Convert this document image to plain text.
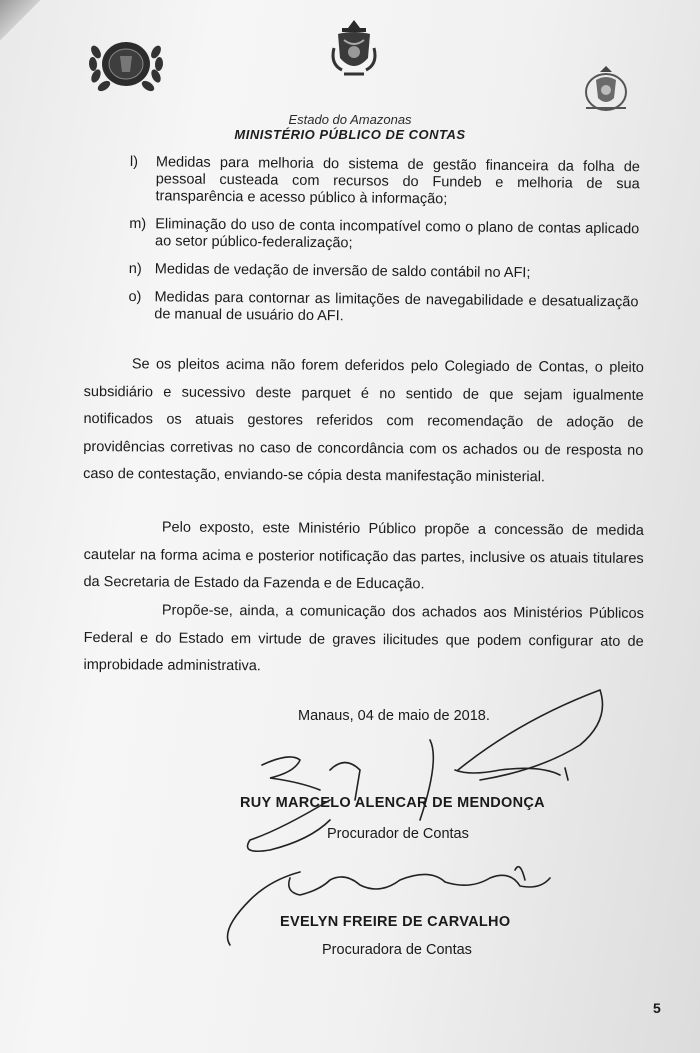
Estado do Amazonas
MINISTÉRIO PÚBLICO DE CONTAS
l)	Medidas para melhoria do sistema de gestão financeira da folha de pessoal custeada com recursos do Fundeb e melhoria de sua transparência e acesso público à informação;
m) Eliminação do uso de conta incompatível como o plano de contas aplicado ao setor público-federalização;
n) Medidas de vedação de inversão de saldo contábil no AFI;
o) Medidas para contornar as limitações de navegabilidade e desatualização de manual de usuário do AFI.
Se os pleitos acima não forem deferidos pelo Colegiado de Contas, o pleito subsidiário e sucessivo deste parquet é no sentido de que sejam igualmente notificados os atuais gestores referidos com recomendação de adoção de providências corretivas no caso de concordância com os achados ou de resposta no caso de contestação, enviando-se cópia desta manifestação ministerial.
Pelo exposto, este Ministério Público propõe a concessão de medida cautelar na forma acima e posterior notificação das partes, inclusive os atuais titulares da Secretaria de Estado da Fazenda e de Educação.
Propõe-se, ainda, a comunicação dos achados aos Ministérios Públicos Federal e do Estado em virtude de graves ilicitudes que podem configurar ato de improbidade administrativa.
Manaus, 04 de maio de 2018.
RUY MARCELO ALENCAR DE MENDONÇA
Procurador de Contas
EVELYN FREIRE DE CARVALHO
Procuradora de Contas
5
